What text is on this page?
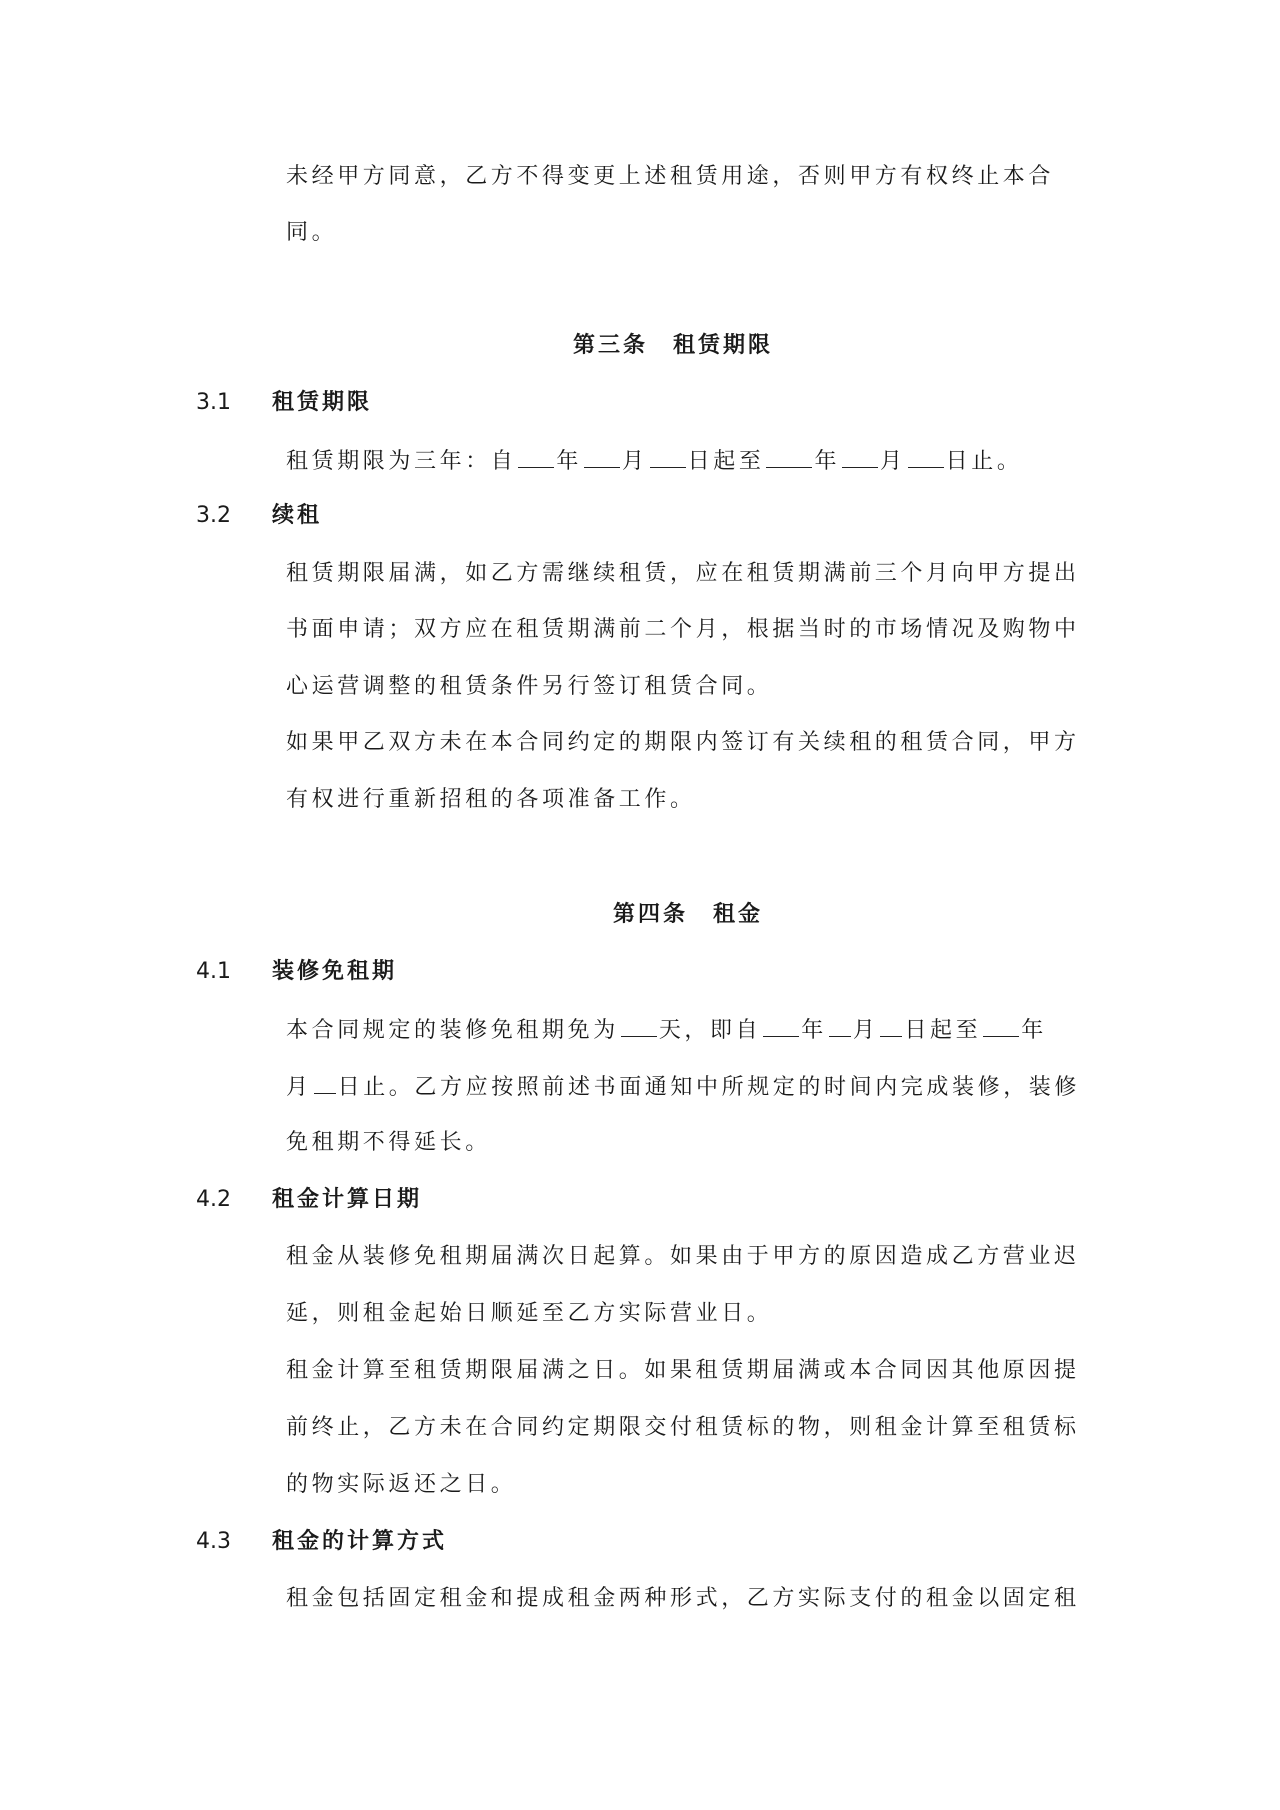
未经甲方同意，乙方不得变更上述租赁用途，否则甲方有权终止本合
同。
第三条　租赁期限
3.1 租赁期限
租赁期限为三年：自 年 月 日起至 年 月 日止。
3.2 续租
租赁期限届满，如乙方需继续租赁，应在租赁期满前三个月向甲方提出
书面申请；双方应在租赁期满前二个月，根据当时的市场情况及购物中
心运营调整的租赁条件另行签订租赁合同。
如果甲乙双方未在本合同约定的期限内签订有关续租的租赁合同，甲方
有权进行重新招租的各项准备工作。
第四条　租金
4.1 装修免租期
本合同规定的装修免租期免为 天，即自 年 月 日起至 年
月 日止。乙方应按照前述书面通知中所规定的时间内完成装修，装修
免租期不得延长。
4.2 租金计算日期
租金从装修免租期届满次日起算。如果由于甲方的原因造成乙方营业迟
延，则租金起始日顺延至乙方实际营业日。
租金计算至租赁期限届满之日。如果租赁期届满或本合同因其他原因提
前终止，乙方未在合同约定期限交付租赁标的物，则租金计算至租赁标
的物实际返还之日。
4.3 租金的计算方式
租金包括固定租金和提成租金两种形式，乙方实际支付的租金以固定租
